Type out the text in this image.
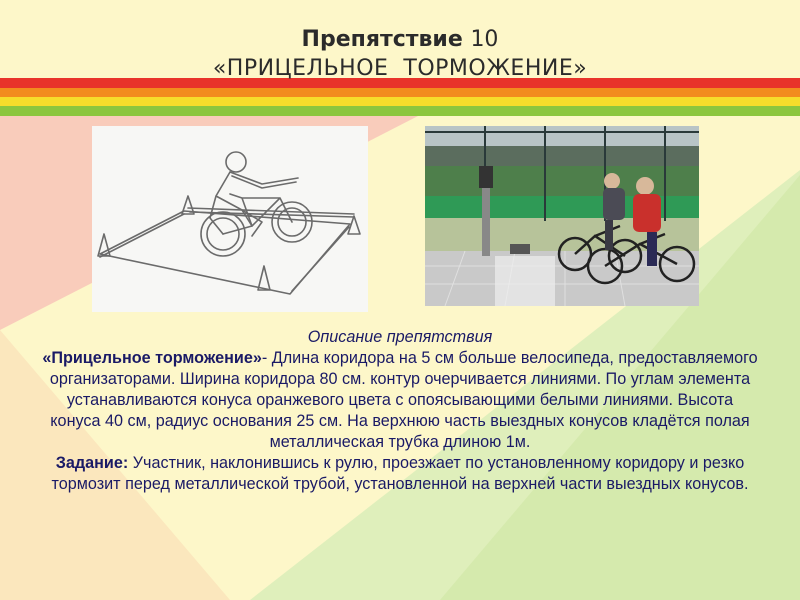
Препятствие 10
«ПРИЦЕЛЬНОЕ  ТОРМОЖЕНИЕ»
Описание препятствия
«Прицельное торможение»- Длина коридора на 5 см больше велосипеда, предоставляемого организаторами. Ширина коридора 80 см. контур очерчивается линиями. По углам элемента устанавливаются конуса оранжевого цвета с опоясывающими белыми линиями. Высота конуса 40 см, радиус основания 25 см. На верхнюю часть выездных конусов кладётся полая металлическая трубка длиною 1м.
Задание: Участник, наклонившись к рулю, проезжает по установленному коридору и резко тормозит перед металлической трубой, установленной на верхней части выездных конусов.
